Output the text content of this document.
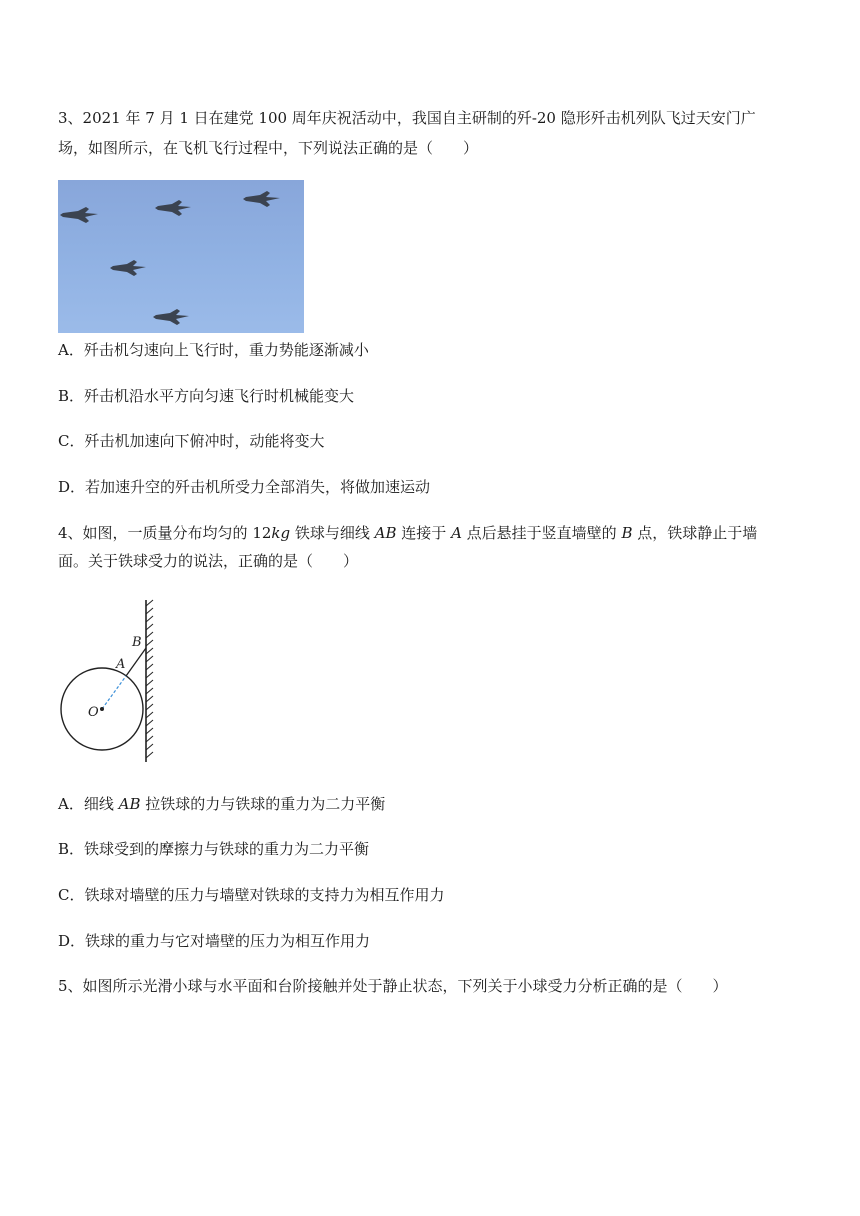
3、2021 年 7 月 1 日在建党 100 周年庆祝活动中，我国自主研制的歼-20 隐形歼击机列队飞过天安门广
场，如图所示，在飞机飞行过程中，下列说法正确的是（　　）
A．歼击机匀速向上飞行时，重力势能逐渐减小
B．歼击机沿水平方向匀速飞行时机械能变大
C．歼击机加速向下俯冲时，动能将变大
D．若加速升空的歼击机所受力全部消失，将做加速运动
4、如图，一质量分布均匀的 12kg 铁球与细线 AB 连接于 A 点后悬挂于竖直墙壁的 B 点，铁球静止于墙
面。关于铁球受力的说法，正确的是（　　）
B
A
O
A．细线 AB 拉铁球的力与铁球的重力为二力平衡
B．铁球受到的摩擦力与铁球的重力为二力平衡
C．铁球对墙壁的压力与墙壁对铁球的支持力为相互作用力
D．铁球的重力与它对墙壁的压力为相互作用力
5、如图所示光滑小球与水平面和台阶接触并处于静止状态，下列关于小球受力分析正确的是（　　）
